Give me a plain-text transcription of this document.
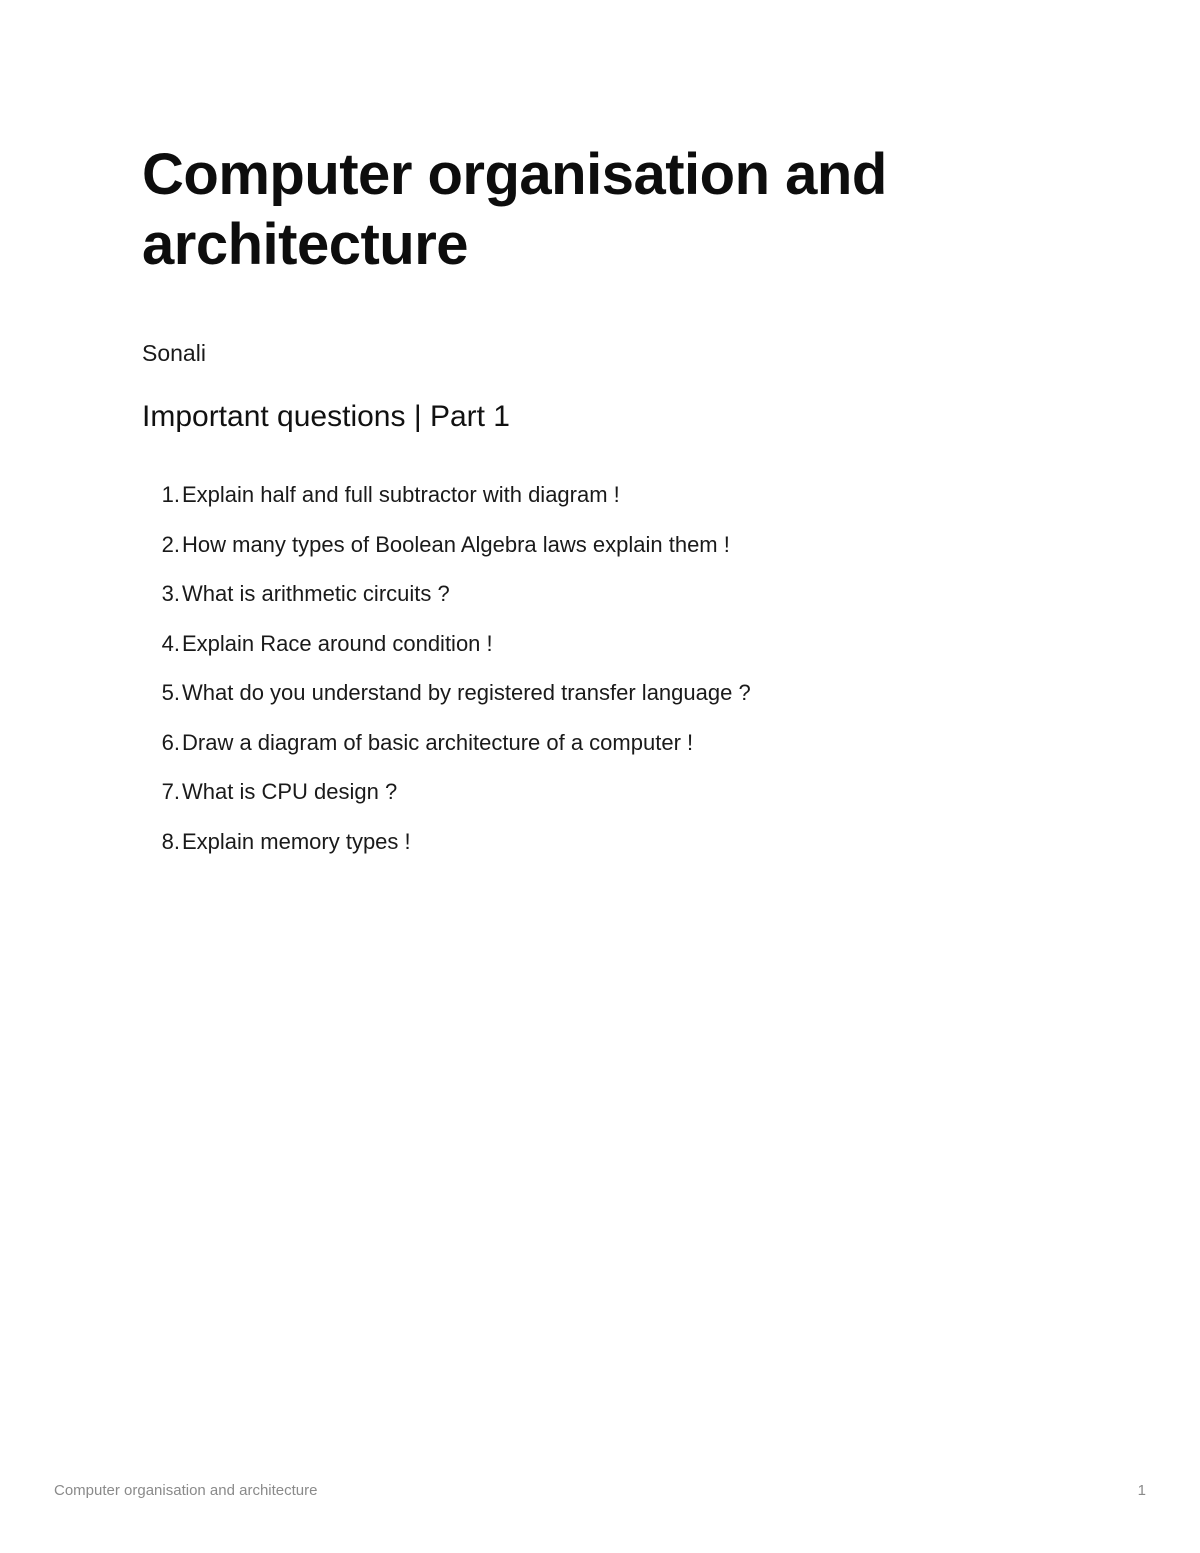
Computer organisation and architecture

Sonali

Important questions | Part 1
1. Explain half and full subtractor with diagram !
2. How many types of Boolean Algebra laws explain them !
3. What is arithmetic circuits ?
4. Explain Race around condition !
5. What do you understand by registered transfer language ?
6. Draw a diagram of basic architecture of a computer !
7. What is CPU design ?
8. Explain memory types !
Computer organisation and architecture	1
